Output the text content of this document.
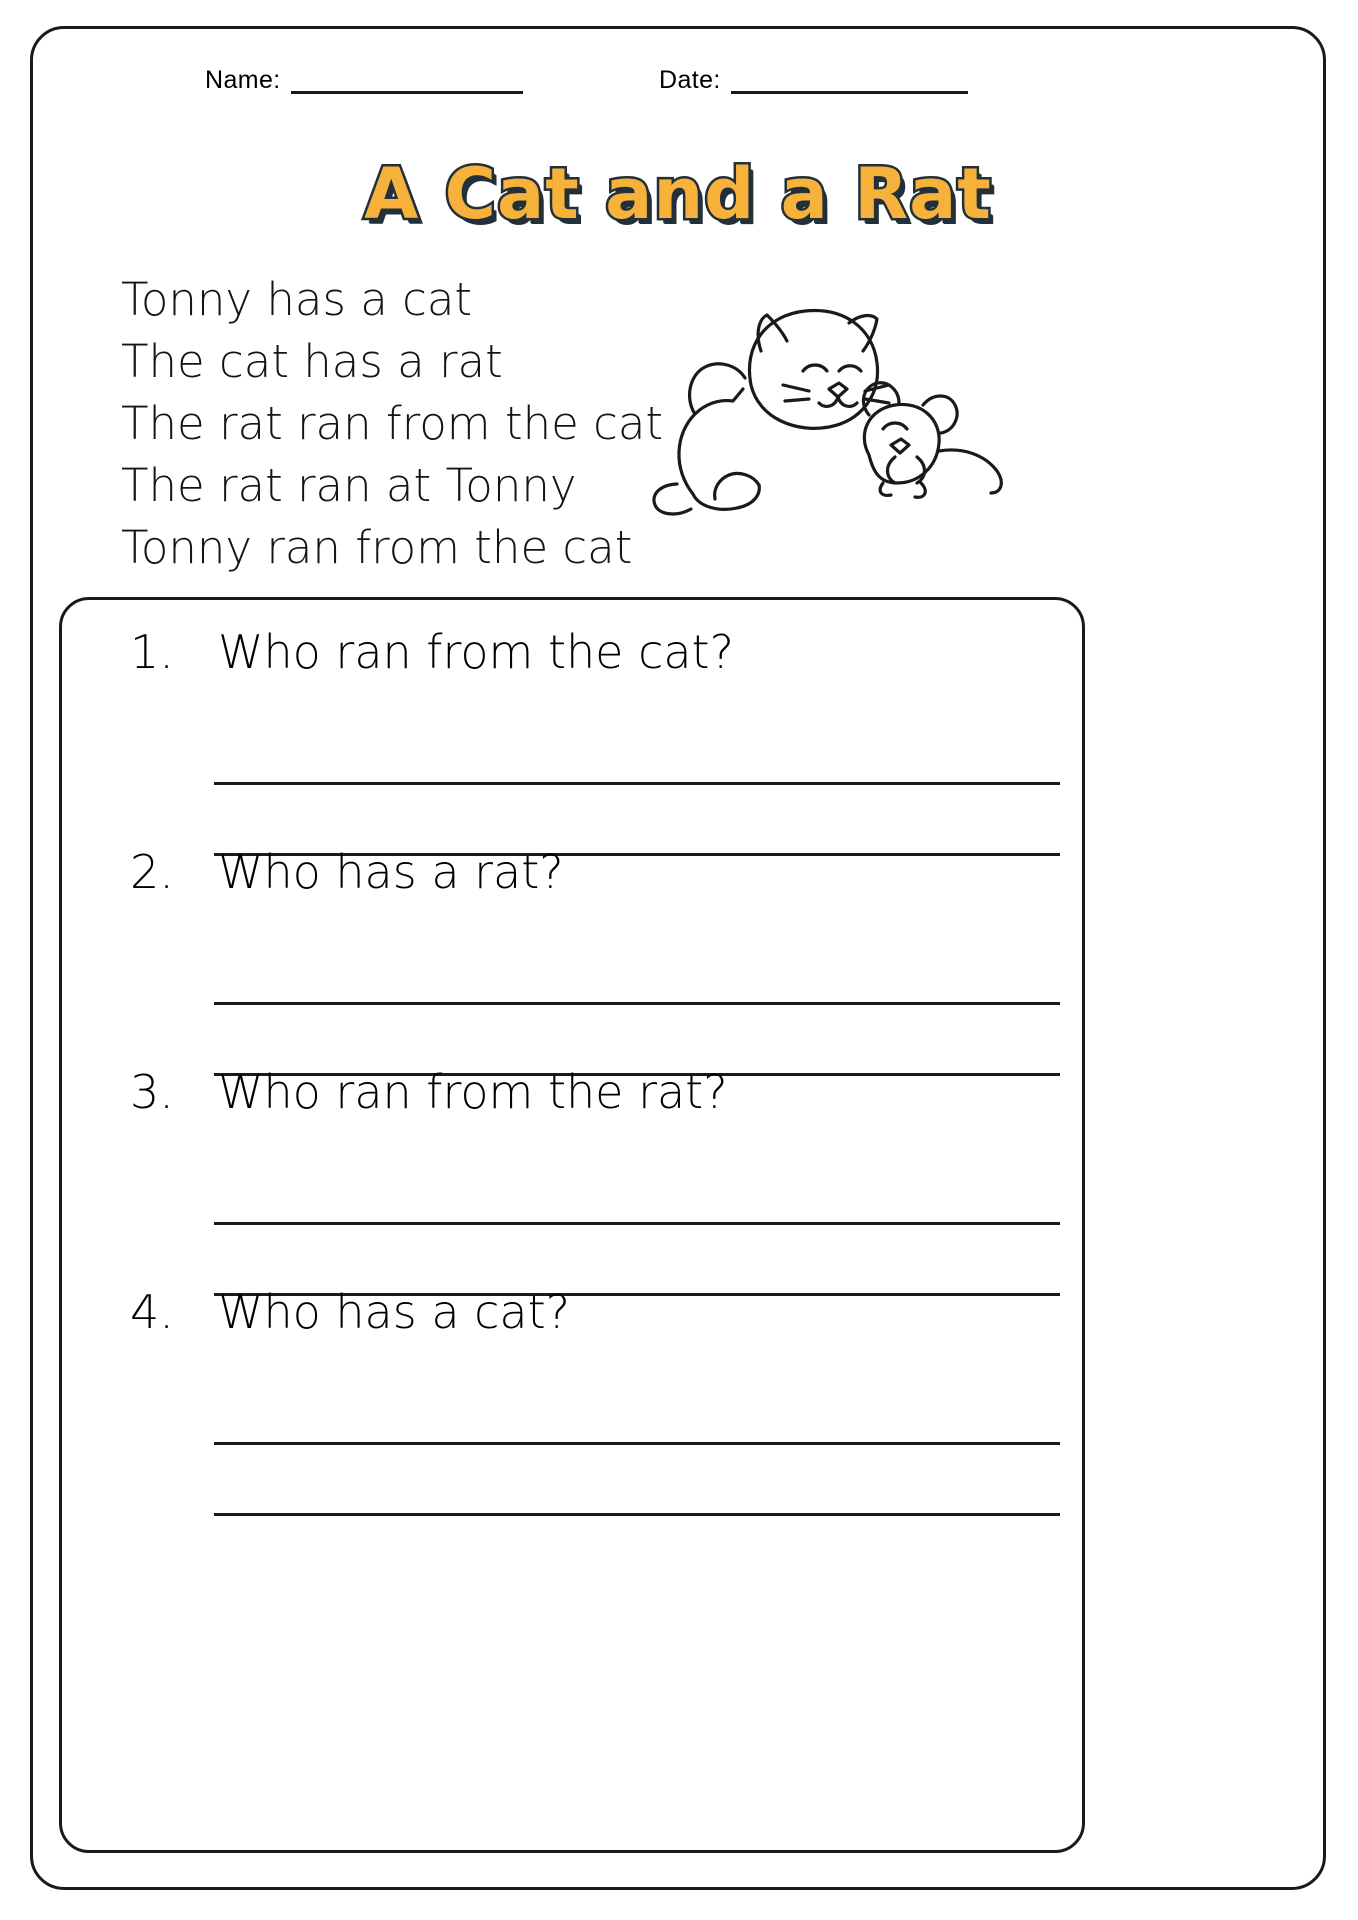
Name:	Date:
A Cat and a Rat
Tonny has a cat
The cat has a rat
The rat ran from the cat
The rat ran at Tonny
Tonny ran from the cat
1. Who ran from the cat?
2. Who has a rat?
3. Who ran from the rat?
4. Who has a cat?
